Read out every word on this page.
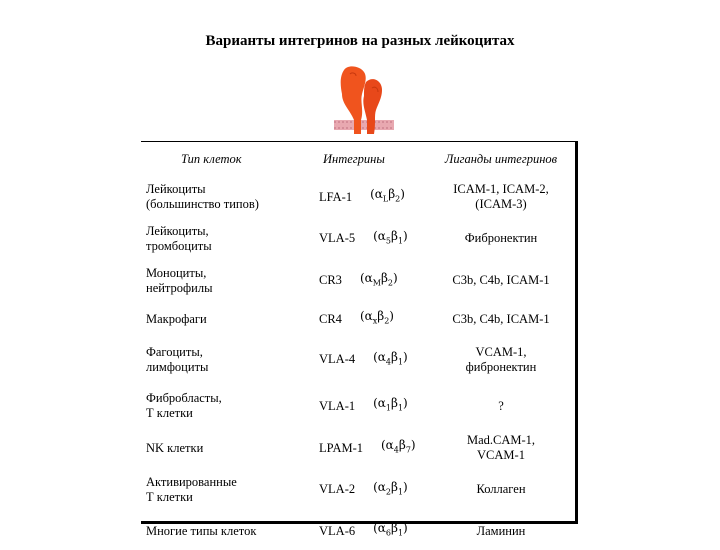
Варианты интегринов на разных лейкоцитах
Тип клеток	Интегрины	Лиганды интегринов
Лейкоциты
(большинство типов)
LFA-1 $(\alpha_L\beta_2)$	ICAM-1, ICAM-2,
(ICAM-3)
Лейкоциты,
тромбоциты
VLA-5 $(\alpha_5\beta_1)$	Фибронектин
Моноциты,
нейтрофилы
CR3 $(\alpha_M\beta_2)$	C3b, C4b, ICAM-1
Макрофаги	CR4 $(\alpha_x\beta_2)$	C3b, C4b, ICAM-1
Фагоциты,
лимфоциты
VLA-4 $(\alpha_4\beta_1)$	VCAM-1,
фибронектин
Фибробласты,
Т клетки
VLA-1 $(\alpha_1\beta_1)$	?
NK клетки	LPAM-1 $(\alpha_4\beta_7)$	Mad.CAM-1,
VCAM-1
Активированные
Т клетки
VLA-2 $(\alpha_2\beta_1)$	Коллаген
Многие типы клеток	VLA-6 $(\alpha_6\beta_1)$	Ламинин
